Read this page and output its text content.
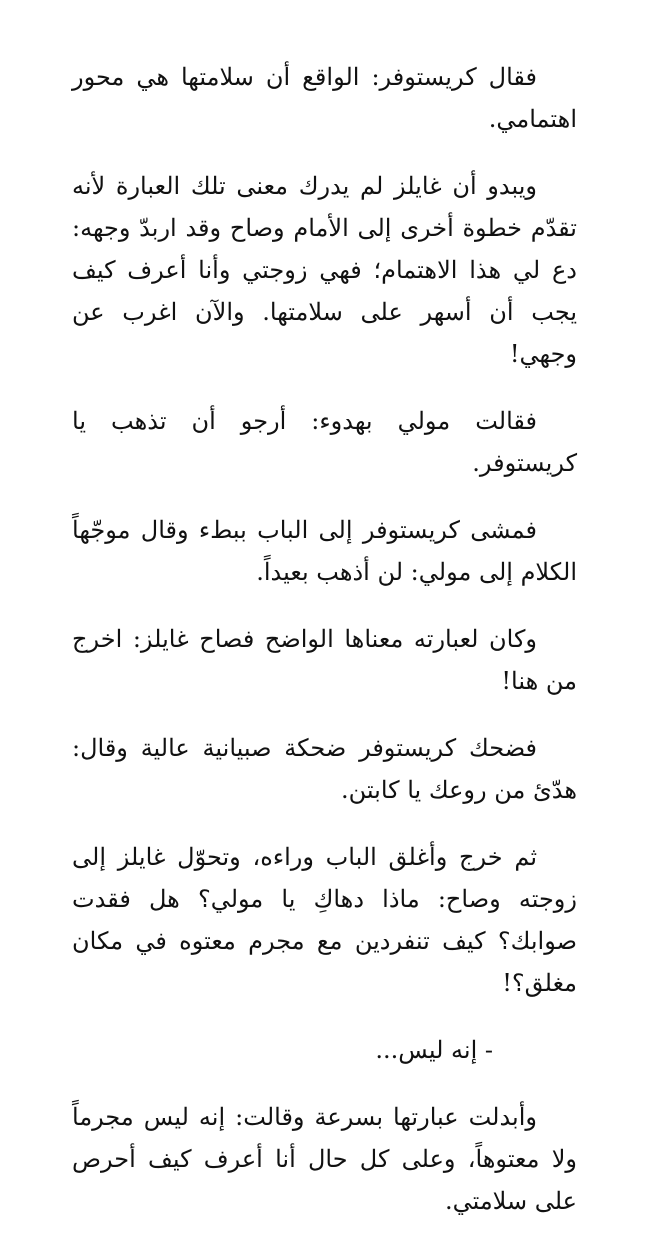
فقال كريستوفر: الواقع أن سلامتها هي محور اهتمامي.

ويبدو أن غايلز لم يدرك معنى تلك العبارة لأنه تقدّم خطوة أخرى إلى الأمام وصاح وقد اربدّ وجهه: دع لي هذا الاهتمام؛ فهي زوجتي وأنا أعرف كيف يجب أن أسهر على سلامتها. والآن اغرب عن وجهي!

فقالت مولي بهدوء: أرجو أن تذهب يا كريستوفر.

فمشى كريستوفر إلى الباب ببطء وقال موجّهاً الكلام إلى مولي: لن أذهب بعيداً.

وكان لعبارته معناها الواضح فصاح غايلز: اخرج من هنا!

فضحك كريستوفر ضحكة صبيانية عالية وقال: هدّئ من روعك يا كابتن.

ثم خرج وأغلق الباب وراءه، وتحوّل غايلز إلى زوجته وصاح: ماذا دهاكِ يا مولي؟ هل فقدت صوابك؟ كيف تنفردين مع مجرم معتوه في مكان مغلق؟!

- إنه ليس...

وأبدلت عبارتها بسرعة وقالت: إنه ليس مجرماً ولا معتوهاً، وعلى كل حال أنا أعرف كيف أحرص على سلامتي.
